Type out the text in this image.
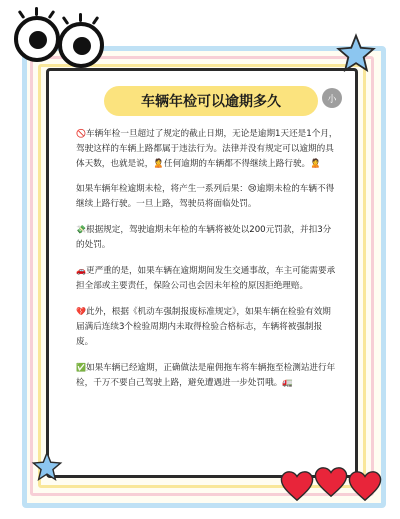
车辆年检可以逾期多久	小

🚫车辆年检一旦超过了规定的截止日期，无论是逾期1天还是1个月，驾驶这样的车辆上路都属于违法行为。法律并没有规定可以逾期的具体天数，也就是说，🙎任何逾期的车辆都不得继续上路行驶。🙎

如果车辆年检逾期未检，将产生一系列后果：😢逾期未检的车辆不得继续上路行驶。一旦上路，驾驶员将面临处罚。

💸根据规定，驾驶逾期未年检的车辆将被处以200元罚款，并扣3分的处罚。

🚗更严重的是，如果车辆在逾期期间发生交通事故，车主可能需要承担全部或主要责任，保险公司也会因未年检的原因拒绝理赔。

💔此外，根据《机动车强制报废标准规定》，如果车辆在检验有效期届满后连续3个检验周期内未取得检验合格标志，车辆将被强制报废。

✅如果车辆已经逾期，正确做法是雇佣拖车将车辆拖至检测站进行年检，千万不要自己驾驶上路，避免遭遇进一步处罚哦。🚛
